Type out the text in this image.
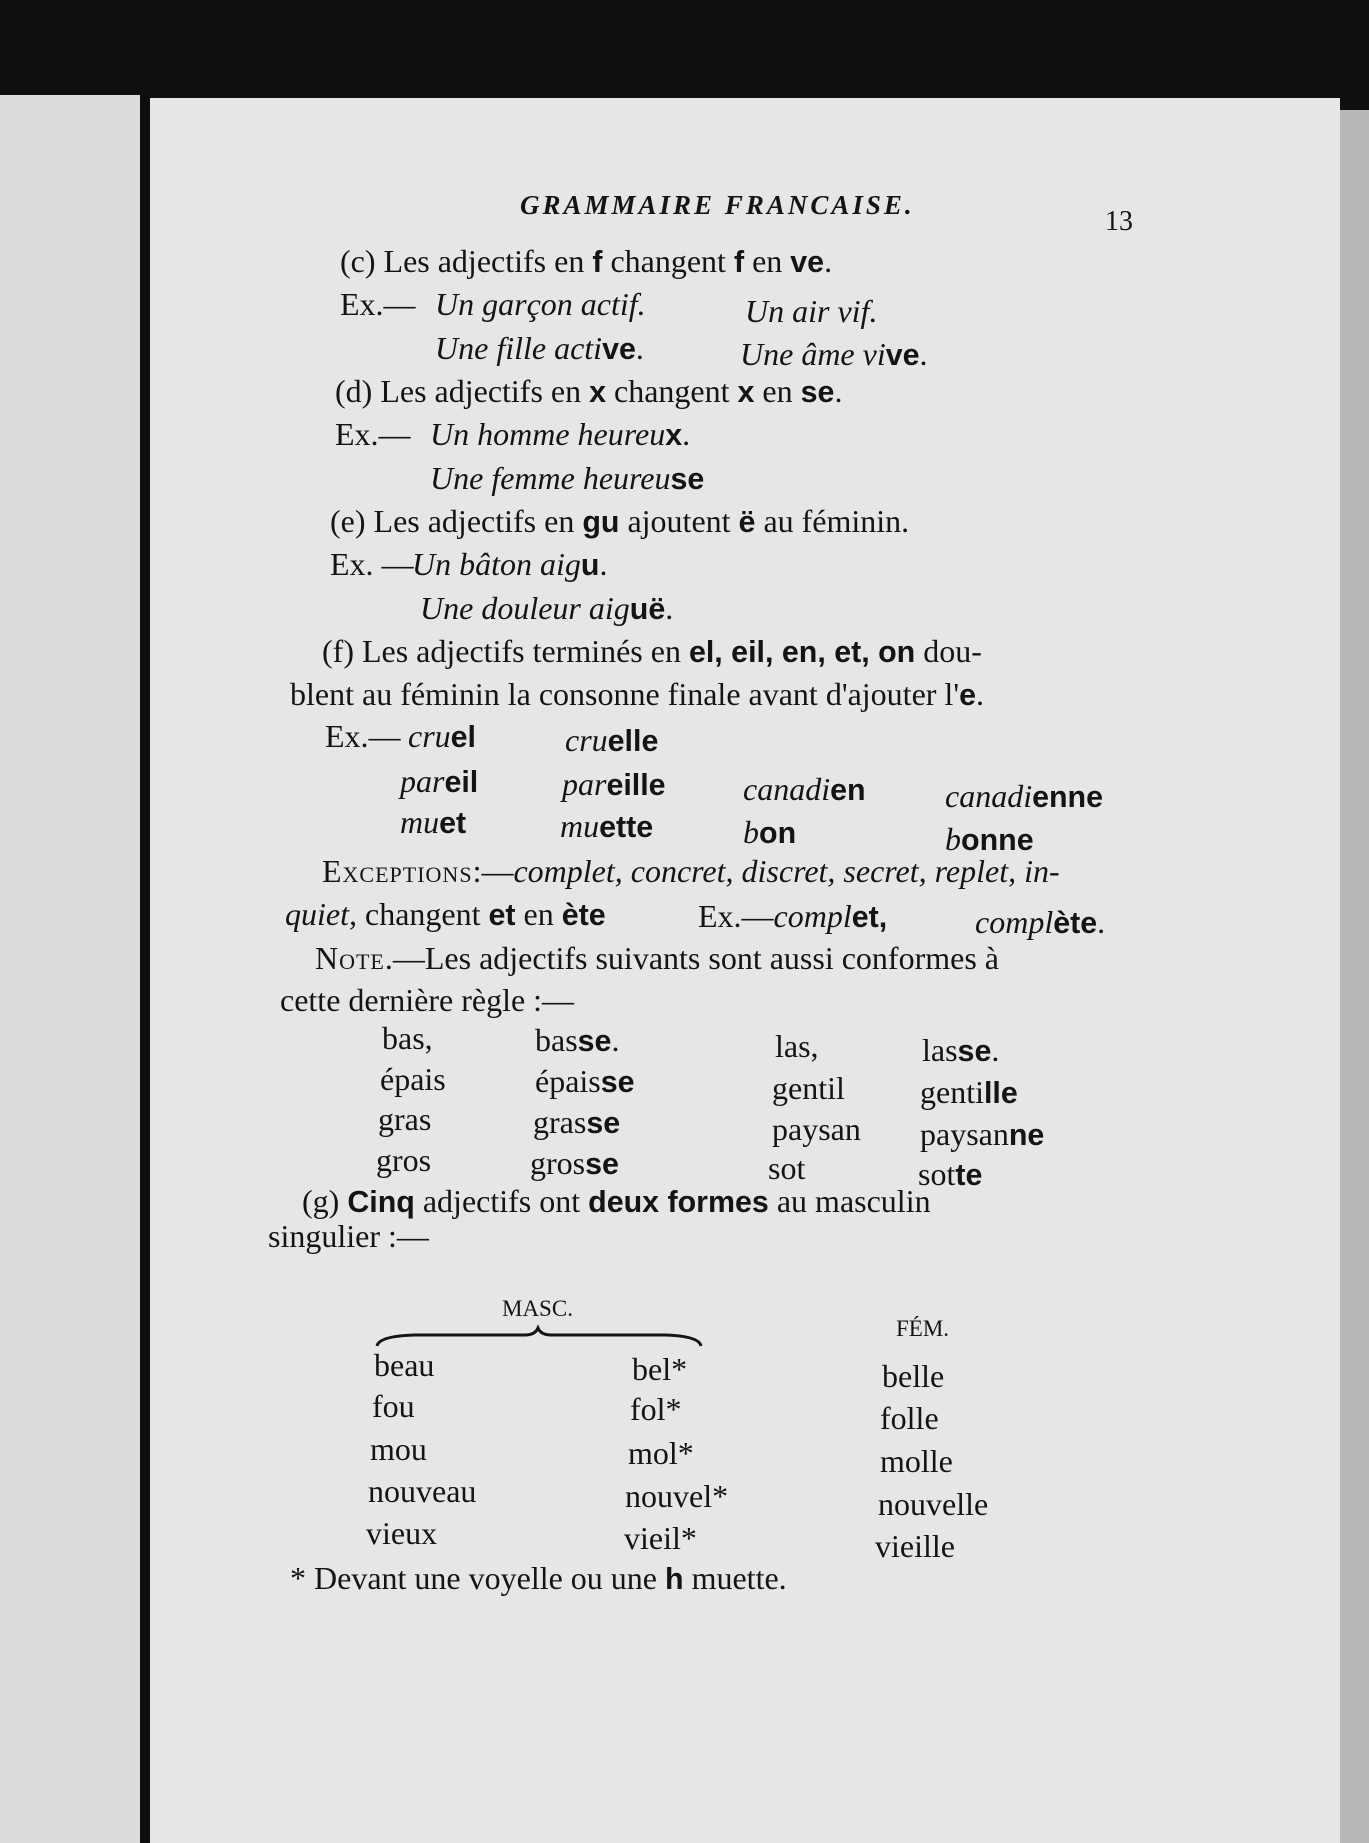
GRAMMAIRE FRANCAISE.
13
(c) Les adjectifs en f changent f en ve.
Ex.— Un garçon actif.	Un air vif.
Une fille active.	Une âme vive.
(d) Les adjectifs en x changent x en se.
Ex.— Un homme heureux.
Une femme heureuse
(e) Les adjectifs en gu ajoutent ë au féminin.
Ex. —
Un bâton aigu.
Une douleur aiguë.
(f) Les adjectifs terminés en el, eil, en, et, on dou-
blent au féminin la consonne finale avant d'ajouter l'e.
Ex.— cruel	cruelle
pareil	pareille canadien canadienne
muet	muette	bon	bonne
Exceptions:—complet, concret, discret, secret, replet, in-
quiet, changent et en ète	Ex.—complet,	complète.
Note.—Les adjectifs suivants sont aussi conformes à
cette dernière règle :—
bas,	basse.	las,	lasse.
épais	épaisse	gentil gentille
gras	grasse	paysan paysanne
gros	grosse	sot	sotte
(g) Cinq adjectifs ont deux formes au masculin
singulier :—
MASC.
FÉM.
beau	bel*	belle
fou	fol*	folle
mou	mol*	molle
nouveau	nouvel*	nouvelle
vieux	vieil*	vieille
* Devant une voyelle ou une h muette.
